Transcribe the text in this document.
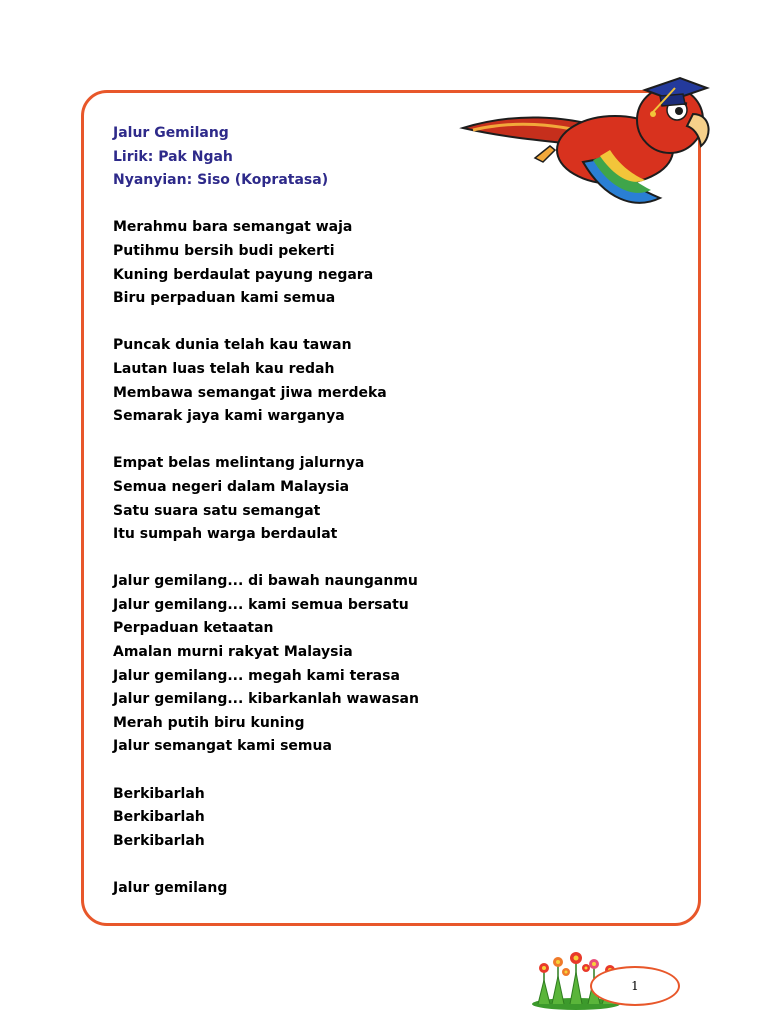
Jalur Gemilang
Lirik: Pak Ngah
Nyanyian: Siso (Kopratasa)
Merahmu bara semangat waja
Putihmu bersih budi pekerti
Kuning berdaulat payung negara
Biru perpaduan kami semua
Puncak dunia telah kau tawan
Lautan luas telah kau redah
Membawa semangat jiwa merdeka
Semarak jaya kami warganya
Empat belas melintang jalurnya
Semua negeri dalam Malaysia
Satu suara satu semangat
Itu sumpah warga berdaulat
Jalur gemilang... di bawah naunganmu
Jalur gemilang... kami semua bersatu
Perpaduan ketaatan
Amalan murni rakyat Malaysia
Jalur gemilang... megah kami terasa
Jalur gemilang... kibarkanlah wawasan
Merah putih biru kuning
Jalur semangat kami semua
Berkibarlah
Berkibarlah
Berkibarlah
Jalur gemilang
1
